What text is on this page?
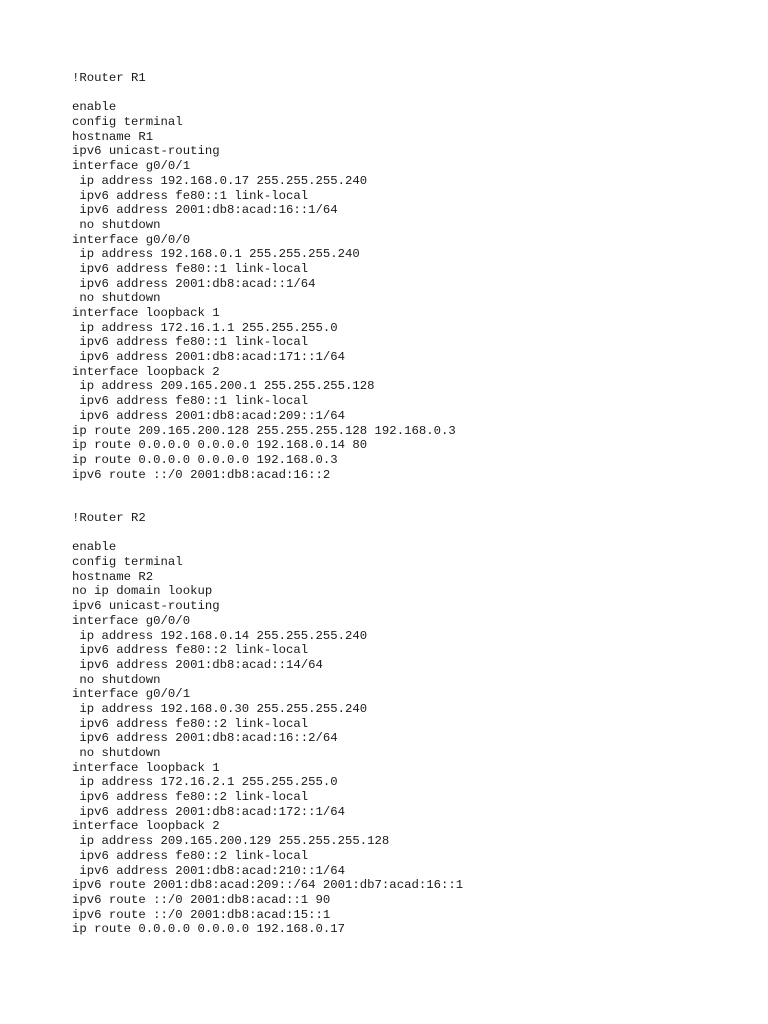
!Router R1
enable
config terminal
hostname R1
ipv6 unicast-routing
interface g0/0/1
ip address 192.168.0.17 255.255.255.240
ipv6 address fe80::1 link-local
ipv6 address 2001:db8:acad:16::1/64
no shutdown
interface g0/0/0
ip address 192.168.0.1 255.255.255.240
ipv6 address fe80::1 link-local
ipv6 address 2001:db8:acad::1/64
no shutdown
interface loopback 1
ip address 172.16.1.1 255.255.255.0
ipv6 address fe80::1 link-local
ipv6 address 2001:db8:acad:171::1/64
interface loopback 2
ip address 209.165.200.1 255.255.255.128
ipv6 address fe80::1 link-local
ipv6 address 2001:db8:acad:209::1/64
ip route 209.165.200.128 255.255.255.128 192.168.0.3
ip route 0.0.0.0 0.0.0.0 192.168.0.14 80
ip route 0.0.0.0 0.0.0.0 192.168.0.3
ipv6 route ::/0 2001:db8:acad:16::2
!Router R2
enable
config terminal
hostname R2
no ip domain lookup
ipv6 unicast-routing
interface g0/0/0
ip address 192.168.0.14 255.255.255.240
ipv6 address fe80::2 link-local
ipv6 address 2001:db8:acad::14/64
no shutdown
interface g0/0/1
ip address 192.168.0.30 255.255.255.240
ipv6 address fe80::2 link-local
ipv6 address 2001:db8:acad:16::2/64
no shutdown
interface loopback 1
ip address 172.16.2.1 255.255.255.0
ipv6 address fe80::2 link-local
ipv6 address 2001:db8:acad:172::1/64
interface loopback 2
ip address 209.165.200.129 255.255.255.128
ipv6 address fe80::2 link-local
ipv6 address 2001:db8:acad:210::1/64
ipv6 route 2001:db8:acad:209::/64 2001:db7:acad:16::1
ipv6 route ::/0 2001:db8:acad::1 90
ipv6 route ::/0 2001:db8:acad:15::1
ip route 0.0.0.0 0.0.0.0 192.168.0.17
